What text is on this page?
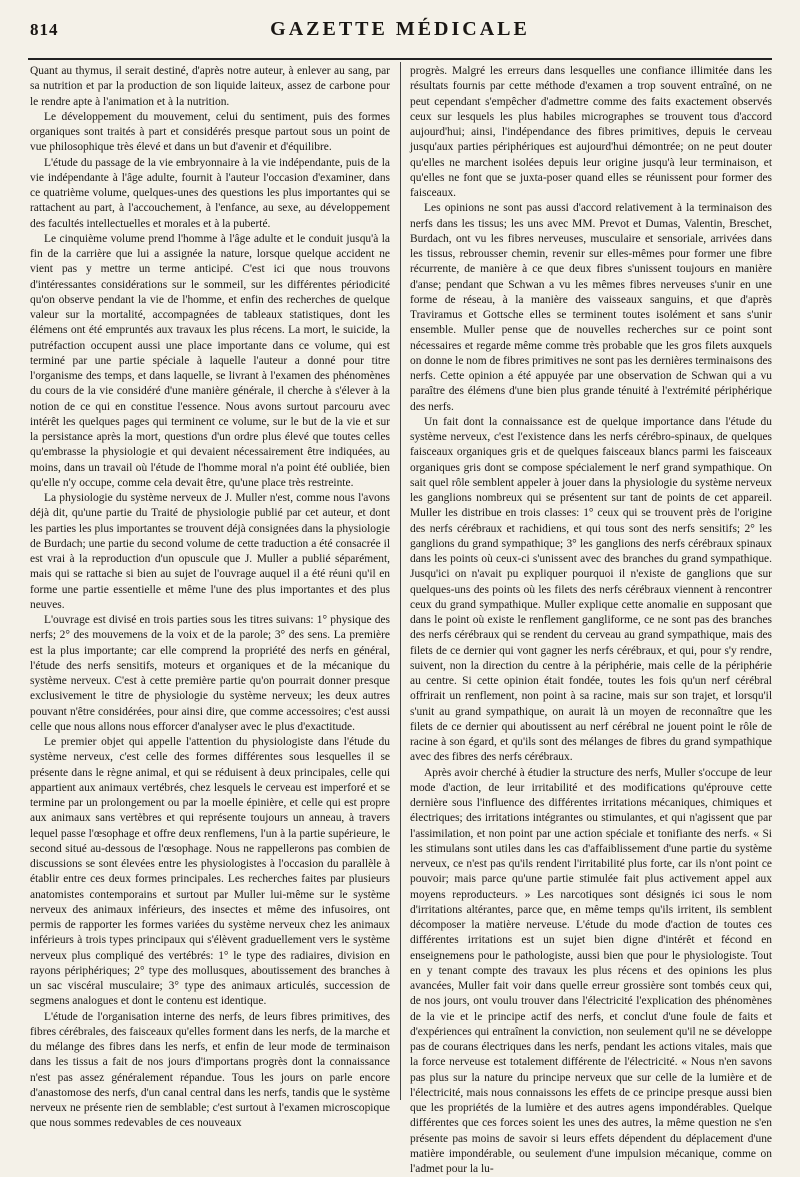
814	GAZETTE MÉDICALE

Quant au thymus, il serait destiné, d'après notre auteur, à enlever au sang, par sa nutrition et par la production de son liquide laiteux, assez de carbone pour le rendre apte à l'animation et à la nutrition.

Le développement du mouvement, celui du sentiment, puis des formes organiques sont traités à part et considérés presque partout sous un point de vue philosophique très élevé et dans un but d'avenir et d'équilibre.

L'étude du passage de la vie embryonnaire à la vie indépendante, puis de la vie indépendante à l'âge adulte, fournit à l'auteur l'occasion d'examiner, dans ce quatrième volume, quelques-unes des questions les plus importantes qui se rattachent au part, à l'accouchement, à l'enfance, au sexe, au développement des facultés intellectuelles et morales et à la puberté.

Le cinquième volume prend l'homme à l'âge adulte et le conduit jusqu'à la fin de la carrière que lui a assignée la nature, lorsque quelque accident ne vient pas y mettre un terme anticipé. C'est ici que nous trouvons d'intéressantes considérations sur le sommeil, sur les différentes périodicité qu'on observe pendant la vie de l'homme, et enfin des recherches de quelque valeur sur la mortalité, accompagnées de tableaux statistiques, dont les élémens ont été empruntés aux travaux les plus récens. La mort, le suicide, la putréfaction occupent aussi une place importante dans ce volume, qui est terminé par une partie spéciale à laquelle l'auteur a donné pour titre l'organisme des temps, et dans laquelle, se livrant à l'examen des phénomènes du cours de la vie considéré d'une manière générale, il cherche à s'élever à la notion de ce qui en constitue l'essence. Nous avons surtout parcouru avec intérêt les quelques pages qui terminent ce volume, sur le but de la vie et sur la persistance après la mort, questions d'un ordre plus élevé que toutes celles qu'embrasse la physiologie et qui devaient nécessairement être indiquées, au moins, dans un travail où l'étude de l'homme moral n'a point été oubliée, bien qu'elle n'y occupe, comme cela devait être, qu'une place très restreinte.

La physiologie du système nerveux de J. Muller n'est, comme nous l'avons déjà dit, qu'une partie du Traité de physiologie publié par cet auteur, et dont les parties les plus importantes se trouvent déjà consignées dans la physiologie de Burdach; une partie du second volume de cette traduction a été consacrée il est vrai à la reproduction d'un opuscule que J. Muller a publié séparément, mais qui se rattache si bien au sujet de l'ouvrage auquel il a été réuni qu'il en forme une partie essentielle et même l'une des plus importantes et des plus neuves.

L'ouvrage est divisé en trois parties sous les titres suivans: 1° physique des nerfs; 2° des mouvemens de la voix et de la parole; 3° des sens. La première est la plus importante; car elle comprend la propriété des nerfs en général, l'étude des nerfs sensitifs, moteurs et organiques et de la mécanique du système nerveux. C'est à cette première partie qu'on pourrait donner presque exclusivement le titre de physiologie du système nerveux; les deux autres pouvant n'être considérées, pour ainsi dire, que comme accessoires; c'est aussi celle que nous allons nous efforcer d'analyser avec le plus d'exactitude.

Le premier objet qui appelle l'attention du physiologiste dans l'étude du système nerveux, c'est celle des formes différentes sous lesquelles il se présente dans le règne animal, et qui se réduisent à deux principales, celle qui appartient aux animaux vertébrés, chez lesquels le cerveau est imperforé et se termine par un prolongement ou par la moelle épinière, et celle qui est propre aux animaux sans vertèbres et qui représente toujours un anneau, à travers lequel passe l'œsophage et offre deux renflemens, l'un à la partie supérieure, le second situé au-dessous de l'œsophage. Nous ne rappellerons pas combien de discussions se sont élevées entre les physiologistes à l'occasion du parallèle à établir entre ces deux formes principales. Les recherches faites par plusieurs anatomistes contemporains et surtout par Muller lui-même sur le système nerveux des animaux inférieurs, des insectes et même des infusoires, ont permis de rapporter les formes variées du système nerveux chez les animaux inférieurs à trois types principaux qui s'élèvent graduellement vers le système nerveux plus compliqué des vertébrés: 1° le type des radiaires, division en rayons périphériques; 2° type des mollusques, aboutissement des branches à un sac viscéral musculaire; 3° type des animaux articulés, succession de segmens analogues et dont le contenu est identique.

L'étude de l'organisation interne des nerfs, de leurs fibres primitives, des fibres cérébrales, des faisceaux qu'elles forment dans les nerfs, de la marche et du mélange des fibres dans les nerfs, et enfin de leur mode de terminaison dans les tissus a fait de nos jours d'importans progrès dont la connaissance n'est pas assez généralement répandue. Tous les jours on parle encore d'anastomose des nerfs, d'un canal central dans les nerfs, tandis que le système nerveux ne présente rien de semblable; c'est surtout à l'examen microscopique que nous sommes redevables de ces nouveaux

progrès. Malgré les erreurs dans lesquelles une confiance illimitée dans les résultats fournis par cette méthode d'examen a trop souvent entraîné, on ne peut cependant s'empêcher d'admettre comme des faits exactement observés ceux sur lesquels les plus habiles micrographes se trouvent tous d'accord aujourd'hui; ainsi, l'indépendance des fibres primitives, depuis le cerveau jusqu'aux parties périphériques est aujourd'hui démontrée; on ne peut douter qu'elles ne marchent isolées depuis leur origine jusqu'à leur terminaison, et qu'elles ne font que se juxta-poser quand elles se réunissent pour former des faisceaux.

Les opinions ne sont pas aussi d'accord relativement à la terminaison des nerfs dans les tissus; les uns avec MM. Prevot et Dumas, Valentin, Breschet, Burdach, ont vu les fibres nerveuses, musculaire et sensoriale, arrivées dans les tissus, rebrousser chemin, revenir sur elles-mêmes pour former une fibre récurrente, de manière à ce que deux fibres s'unissent toujours en manière d'anse; pendant que Schwan a vu les mêmes fibres nerveuses s'unir en une forme de réseau, à la manière des vaisseaux sanguins, et que d'après Traviramus et Gottsche elles se terminent toutes isolément et sans s'unir ensemble. Muller pense que de nouvelles recherches sur ce point sont nécessaires et regarde même comme très probable que les gros filets auxquels on donne le nom de fibres primitives ne sont pas les dernières terminaisons des nerfs. Cette opinion a été appuyée par une observation de Schwan qui a vu paraître des élémens d'une bien plus grande ténuité à l'extrémité périphérique des nerfs.

Un fait dont la connaissance est de quelque importance dans l'étude du système nerveux, c'est l'existence dans les nerfs cérébro-spinaux, de quelques faisceaux organiques gris et de quelques faisceaux blancs parmi les faisceaux organiques gris dont se compose spécialement le nerf grand sympathique. On sait quel rôle semblent appeler à jouer dans la physiologie du système nerveux les ganglions nombreux qui se présentent sur tant de points de cet appareil. Muller les distribue en trois classes: 1° ceux qui se trouvent près de l'origine des nerfs cérébraux et rachidiens, et qui tous sont des nerfs sensitifs; 2° les ganglions du grand sympathique; 3° les ganglions des nerfs cérébraux spinaux dans les points où ceux-ci s'unissent avec des branches du grand sympathique. Jusqu'ici on n'avait pu expliquer pourquoi il n'existe de ganglions que sur quelques-uns des points où les filets des nerfs cérébraux viennent à rencontrer ceux du grand sympathique. Muller explique cette anomalie en supposant que dans le point où existe le renflement gangliforme, ce ne sont pas des branches des nerfs cérébraux qui se rendent du cerveau au grand sympathique, mais des filets de ce dernier qui vont gagner les nerfs cérébraux, et qui, pour s'y rendre, suivent, non la direction du centre à la périphérie, mais celle de la périphérie au centre. Si cette opinion était fondée, toutes les fois qu'un nerf cérébral offrirait un renflement, non point à sa racine, mais sur son trajet, et lorsqu'il s'unit au grand sympathique, on aurait là un moyen de reconnaître que les filets de ce dernier qui aboutissent au nerf cérébral ne jouent point le rôle de racine à son égard, et qu'ils sont des mélanges de fibres du grand sympathique avec des fibres des nerfs cérébraux.

Après avoir cherché à étudier la structure des nerfs, Muller s'occupe de leur mode d'action, de leur irritabilité et des modifications qu'éprouve cette dernière sous l'influence des différentes irritations mécaniques, chimiques et électriques; des irritations intégrantes ou stimulantes, et qui n'agissent que par l'assimilation, et non point par une action spéciale et tonifiante des nerfs. « Si les stimulans sont utiles dans les cas d'affaiblissement d'une partie du système nerveux, ce n'est pas qu'ils rendent l'irritabilité plus forte, car ils n'ont point ce pouvoir; mais parce qu'une partie stimulée fait plus activement appel aux moyens reproducteurs. » Les narcotiques sont désignés ici sous le nom d'irritations altérantes, parce que, en même temps qu'ils irritent, ils semblent décomposer la matière nerveuse. L'étude du mode d'action de toutes ces différentes irritations est un sujet bien digne d'intérêt et fécond en enseignemens pour le pathologiste, aussi bien que pour le physiologiste. Tout en y tenant compte des travaux les plus récens et des opinions les plus avancées, Muller fait voir dans quelle erreur grossière sont tombés ceux qui, de nos jours, ont voulu trouver dans l'électricité l'explication des phénomènes de la vie et le principe actif des nerfs, et conclut d'une foule de faits et d'expériences qui entraînent la conviction, non seulement qu'il ne se développe pas de courans électriques dans les nerfs, pendant les actions vitales, mais que la force nerveuse est totalement différente de l'électricité. « Nous n'en savons pas plus sur la nature du principe nerveux que sur celle de la lumière et de l'électricité, mais nous connaissons les effets de ce principe presque aussi bien que les propriétés de la lumière et des autres agens impondérables. Quelque différentes que ces forces soient les unes des autres, la même question ne s'en présente pas moins de savoir si leurs effets dépendent du déplacement d'une matière impondérable, ou seulement d'une impulsion mécanique, comme on l'admet pour la lu-
